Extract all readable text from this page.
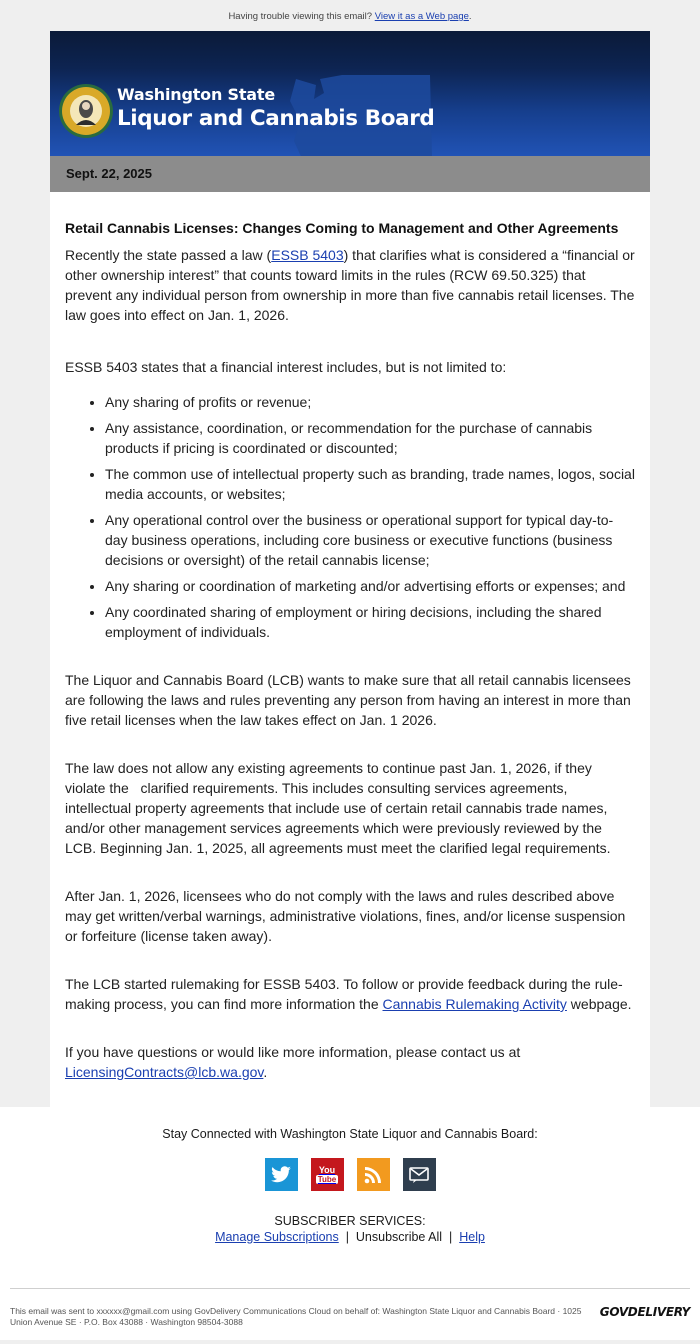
Having trouble viewing this email? View it as a Web page.
Washington State
Liquor and Cannabis Board
Sept. 22, 2025
Retail Cannabis Licenses: Changes Coming to Management and Other Agreements

Recently the state passed a law (ESSB 5403) that clarifies what is considered a “financial or other ownership interest” that counts toward limits in the rules (RCW 69.50.325) that prevent any individual person from ownership in more than five cannabis retail licenses. The law goes into effect on Jan. 1, 2026.

ESSB 5403 states that a financial interest includes, but is not limited to:

• Any sharing of profits or revenue;
• Any assistance, coordination, or recommendation for the purchase of cannabis products if pricing is coordinated or discounted;
• The common use of intellectual property such as branding, trade names, logos, social media accounts, or websites;
• Any operational control over the business or operational support for typical day-to-day business operations, including core business or executive functions (business decisions or oversight) of the retail cannabis license;
• Any sharing or coordination of marketing and/or advertising efforts or expenses; and
• Any coordinated sharing of employment or hiring decisions, including the shared employment of individuals.

The Liquor and Cannabis Board (LCB) wants to make sure that all retail cannabis licensees are following the laws and rules preventing any person from having an interest in more than five retail licenses when the law takes effect on Jan. 1 2026.

The law does not allow any existing agreements to continue past Jan. 1, 2026, if they violate the   clarified requirements. This includes consulting services agreements, intellectual property agreements that include use of certain retail cannabis trade names, and/or other management services agreements which were previously reviewed by the LCB. Beginning Jan. 1, 2025, all agreements must meet the clarified legal requirements.

After Jan. 1, 2026, licensees who do not comply with the laws and rules described above may get written/verbal warnings, administrative violations, fines, and/or license suspension or forfeiture (license taken away).

The LCB started rulemaking for ESSB 5403. To follow or provide feedback during the rule-making process, you can find more information the Cannabis Rulemaking Activity webpage.

If you have questions or would like more information, please contact us at LicensingContracts@lcb.wa.gov.

Stay Connected with Washington State Liquor and Cannabis Board:
You
Tube
SUBSCRIBER SERVICES:
Manage Subscriptions | Unsubscribe All | Help
This email was sent to xxxxxx@gmail.com using GovDelivery Communications Cloud on behalf of: Washington State Liquor and Cannabis Board · 1025 Union Avenue SE · P.O. Box 43088 · Washington 98504-3088
GOVDELIVERY
